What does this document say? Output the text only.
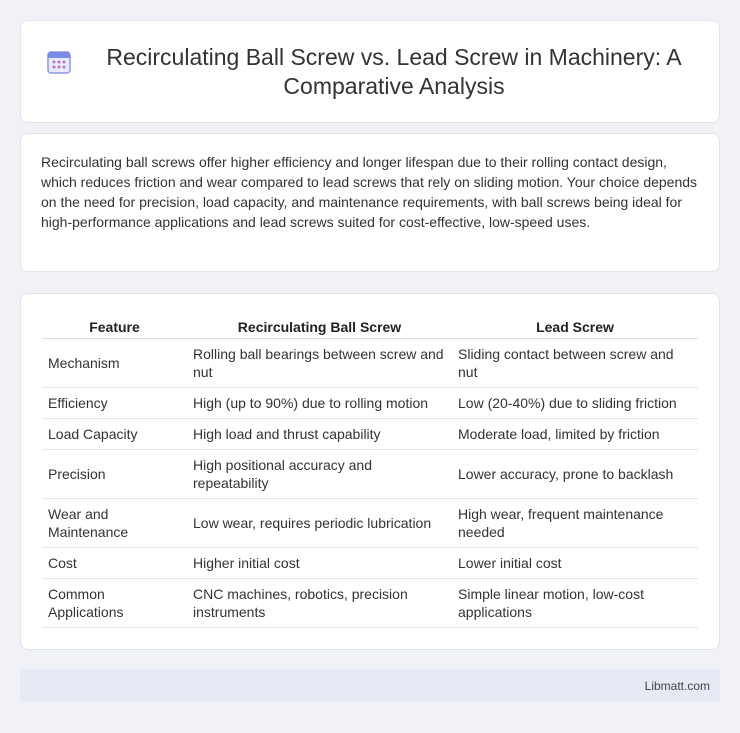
Recirculating Ball Screw vs. Lead Screw in Machinery: A Comparative Analysis

Recirculating ball screws offer higher efficiency and longer lifespan due to their rolling contact design, which reduces friction and wear compared to lead screws that rely on sliding motion. Your choice depends on the need for precision, load capacity, and maintenance requirements, with ball screws being ideal for high-performance applications and lead screws suited for cost-effective, low-speed uses.

Feature	Recirculating Ball Screw	Lead Screw
Mechanism	Rolling ball bearings between screw and nut	Sliding contact between screw and nut
Efficiency	High (up to 90%) due to rolling motion	Low (20-40%) due to sliding friction
Load Capacity	High load and thrust capability	Moderate load, limited by friction
Precision	High positional accuracy and repeatability	Lower accuracy, prone to backlash
Wear and Maintenance	Low wear, requires periodic lubrication	High wear, frequent maintenance needed
Cost	Higher initial cost	Lower initial cost
Common Applications	CNC machines, robotics, precision instruments	Simple linear motion, low-cost applications
Libmatt.com
